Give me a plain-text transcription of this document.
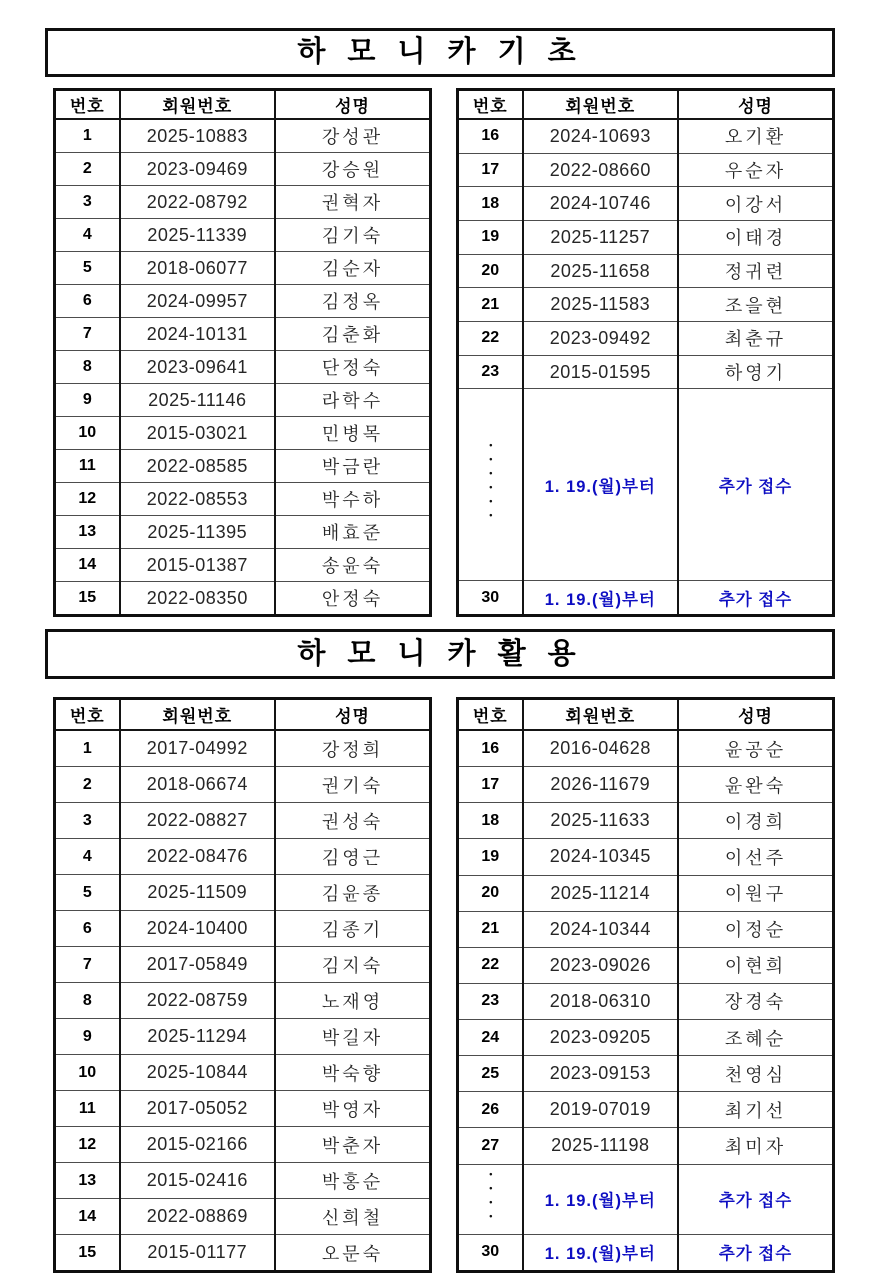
하 모 니 카 기 초
번호	회원번호	성명
1	2025-10883	강성관
2	2023-09469	강승원
3	2022-08792	권혁자
4	2025-11339	김기숙
5	2018-06077	김순자
6	2024-09957	김정옥
7	2024-10131	김춘화
8	2023-09641	단정숙
9	2025-11146	라학수
10	2015-03021	민병목
11	2022-08585	박금란
12	2022-08553	박수하
13	2025-11395	배효준
14	2015-01387	송윤숙
15	2022-08350	안정숙
번호	회원번호	성명
16	2024-10693	오기환
17	2022-08660	우순자
18	2024-10746	이강서
19	2025-11257	이태경
20	2025-11658	정귀련
21	2025-11583	조을현
22	2023-09492	최춘규
23	2015-01595	하영기
••••••	1. 19.(월)부터	추가 접수
30	1. 19.(월)부터	추가 접수
하 모 니 카 활 용
번호	회원번호	성명
1	2017-04992	강정희
2	2018-06674	권기숙
3	2022-08827	권성숙
4	2022-08476	김영근
5	2025-11509	김윤종
6	2024-10400	김종기
7	2017-05849	김지숙
8	2022-08759	노재영
9	2025-11294	박길자
10	2025-10844	박숙향
11	2017-05052	박영자
12	2015-02166	박춘자
13	2015-02416	박홍순
14	2022-08869	신희철
15	2015-01177	오문숙
번호	회원번호	성명
16	2016-04628	윤공순
17	2026-11679	윤완숙
18	2025-11633	이경희
19	2024-10345	이선주
20	2025-11214	이원구
21	2024-10344	이정순
22	2023-09026	이현희
23	2018-06310	장경숙
24	2023-09205	조혜순
25	2023-09153	천영심
26	2019-07019	최기선
27	2025-11198	최미자
••••	1. 19.(월)부터	추가 접수
30	1. 19.(월)부터	추가 접수
